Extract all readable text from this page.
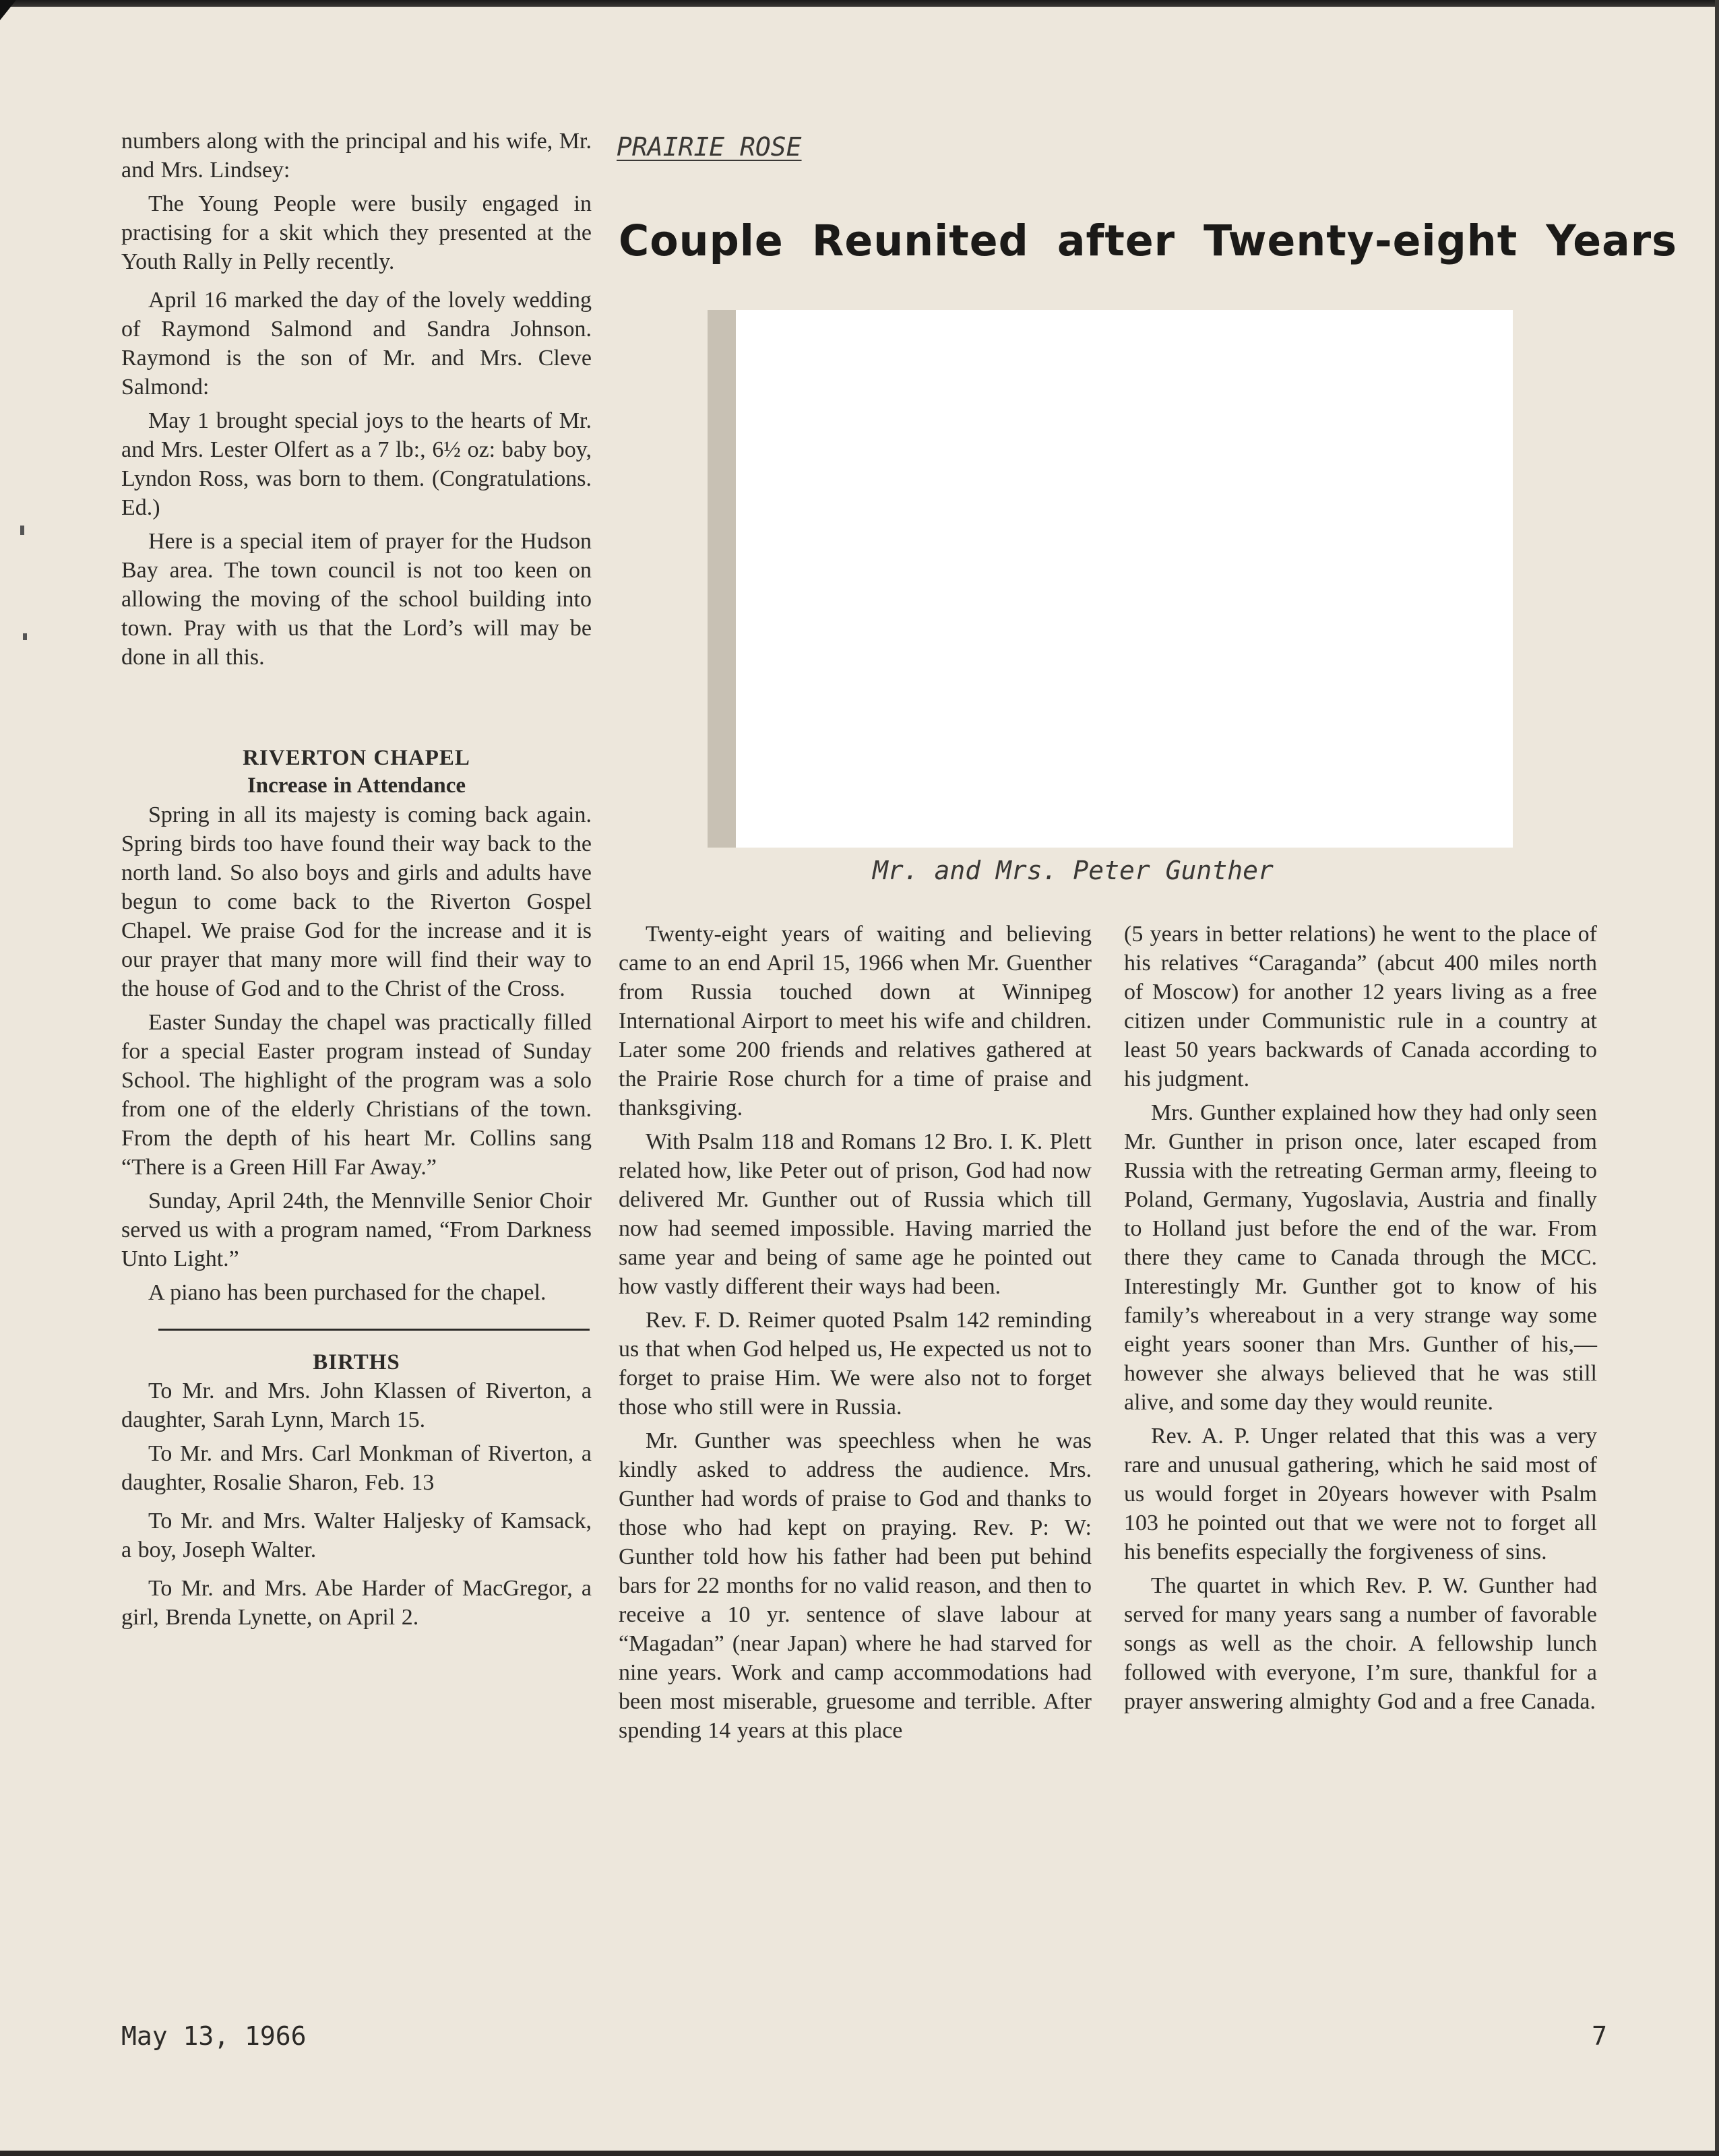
numbers along with the principal and his wife, Mr. and Mrs. Lindsey:

The Young People were busily engaged in practising for a skit which they presented at the Youth Rally in Pelly recently.

April 16 marked the day of the lovely wedding of Raymond Salmond and Sandra Johnson. Raymond is the son of Mr. and Mrs. Cleve Salmond:

May 1 brought special joys to the hearts of Mr. and Mrs. Lester Olfert as a 7 lb:, 6½ oz: baby boy, Lyndon Ross, was born to them. (Congratulations. Ed.)

Here is a special item of prayer for the Hudson Bay area. The town council is not too keen on allowing the moving of the school building into town. Pray with us that the Lord’s will may be done in all this.

RIVERTON CHAPEL
Increase in Attendance

Spring in all its majesty is coming back again. Spring birds too have found their way back to the north land. So also boys and girls and adults have begun to come back to the Riverton Gospel Chapel. We praise God for the increase and it is our prayer that many more will find their way to the house of God and to the Christ of the Cross.

Easter Sunday the chapel was practically filled for a special Easter program instead of Sunday School. The highlight of the program was a solo from one of the elderly Christians of the town. From the depth of his heart Mr. Collins sang “There is a Green Hill Far Away.”

Sunday, April 24th, the Mennville Senior Choir served us with a program named, “From Darkness Unto Light.”

A piano has been purchased for the chapel.

BIRTHS

To Mr. and Mrs. John Klassen of Riverton, a daughter, Sarah Lynn, March 15.

To Mr. and Mrs. Carl Monkman of Riverton, a daughter, Rosalie Sharon, Feb. 13

To Mr. and Mrs. Walter Haljesky of Kamsack, a boy, Joseph Walter.

To Mr. and Mrs. Abe Harder of MacGregor, a girl, Brenda Lynette, on April 2.

PRAIRIE ROSE
Couple Reunited after Twenty-eight Years
Mr. and Mrs. Peter Gunther

Twenty-eight years of waiting and believing came to an end April 15, 1966 when Mr. Guenther from Russia touched down at Winnipeg International Airport to meet his wife and children. Later some 200 friends and relatives gathered at the Prairie Rose church for a time of praise and thanksgiving.

With Psalm 118 and Romans 12 Bro. I. K. Plett related how, like Peter out of prison, God had now delivered Mr. Gunther out of Russia which till now had seemed impossible. Having married the same year and being of same age he pointed out how vastly different their ways had been.

Rev. F. D. Reimer quoted Psalm 142 reminding us that when God helped us, He expected us not to forget to praise Him. We were also not to forget those who still were in Russia.

Mr. Gunther was speechless when he was kindly asked to address the audience. Mrs. Gunther had words of praise to God and thanks to those who had kept on praying. Rev. P: W: Gunther told how his father had been put behind bars for 22 months for no valid reason, and then to receive a 10 yr. sentence of slave labour at “Magadan” (near Japan) where he had starved for nine years. Work and camp accommodations had been most miserable, gruesome and terrible. After spending 14 years at this place

(5 years in better relations) he went to the place of his relatives “Caraganda” (abcut 400 miles north of Moscow) for another 12 years living as a free citizen under Communistic rule in a country at least 50 years backwards of Canada according to his judgment.

Mrs. Gunther explained how they had only seen Mr. Gunther in prison once, later escaped from Russia with the retreating German army, fleeing to Poland, Germany, Yugoslavia, Austria and finally to Holland just before the end of the war. From there they came to Canada through the MCC. Interestingly Mr. Gunther got to know of his family’s whereabout in a very strange way some eight years sooner than Mrs. Gunther of his,—however she always believed that he was still alive, and some day they would reunite.

Rev. A. P. Unger related that this was a very rare and unusual gathering, which he said most of us would forget in 20years however with Psalm 103 he pointed out that we were not to forget all his benefits especially the forgiveness of sins.

The quartet in which Rev. P. W. Gunther had served for many years sang a number of favorable songs as well as the choir. A fellowship lunch followed with everyone, I’m sure, thankful for a prayer answering almighty God and a free Canada.

May 13, 1966	7
